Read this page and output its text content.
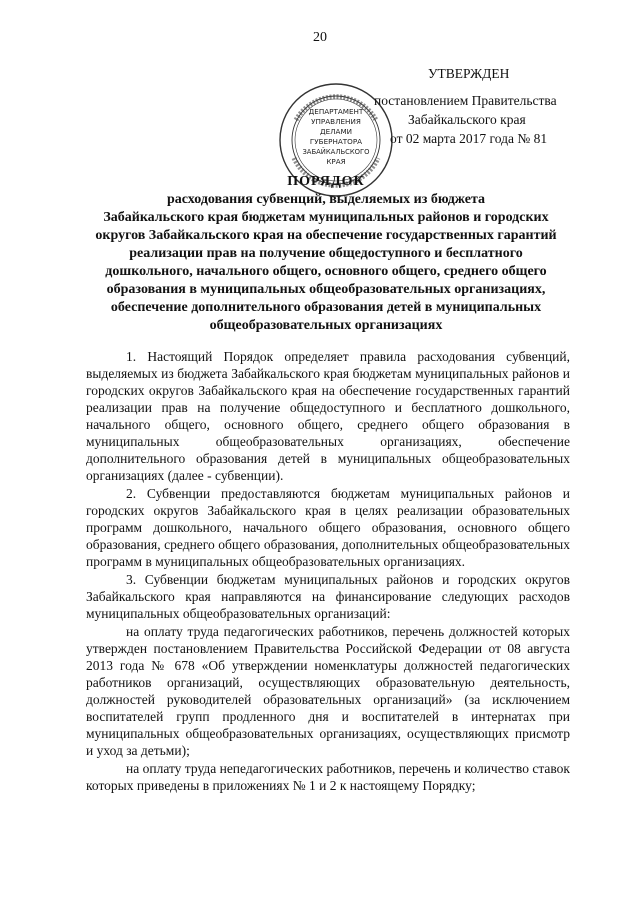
20
ДЕПАРТАМЕНТ
УПРАВЛЕНИЯ
ДЕЛАМИ
ГУБЕРНАТОРА
ЗАБАЙКАЛЬСКОГО
КРАЯ
УТВЕРЖДЕН
постановлением Правительства
Забайкальского края
от 02 марта 2017 года № 81
ПОРЯДОК
расходования субвенций, выделяемых из бюджета
Забайкальского края бюджетам муниципальных районов и городских
округов Забайкальского края на обеспечение государственных гарантий
реализации прав на получение общедоступного и бесплатного
дошкольного, начального общего, основного общего, среднего общего
образования в муниципальных общеобразовательных организациях,
обеспечение дополнительного образования детей в муниципальных
общеобразовательных организациях

1. Настоящий Порядок определяет правила расходования субвенций, выделяемых из бюджета Забайкальского края бюджетам муниципальных районов и городских округов Забайкальского края на обеспечение государственных гарантий реализации прав на получение общедоступного и бесплатного дошкольного, начального общего, основного общего, среднего общего образования в муниципальных общеобразовательных организациях, обеспечение дополнительного образования детей в муниципальных общеобразовательных организациях (далее - субвенции).

2. Субвенции предоставляются бюджетам муниципальных районов и городских округов Забайкальского края в целях реализации образовательных программ дошкольного, начального общего образования, основного общего образования, среднего общего образования, дополнительных общеобразовательных программ в муниципальных общеобразовательных организациях.

3. Субвенции бюджетам муниципальных районов и городских округов Забайкальского края направляются на финансирование следующих расходов муниципальных общеобразовательных организаций:

на оплату труда педагогических работников, перечень должностей которых утвержден постановлением Правительства Российской Федерации от 08 августа 2013 года № 678 «Об утверждении номенклатуры должностей педагогических работников организаций, осуществляющих образовательную деятельность, должностей руководителей образовательных организаций» (за исключением воспитателей групп продленного дня и воспитателей в интернатах при муниципальных общеобразовательных организациях, осуществляющих присмотр и уход за детьми);

на оплату труда непедагогических работников, перечень и количество ставок которых приведены в приложениях № 1 и 2 к настоящему Порядку;
